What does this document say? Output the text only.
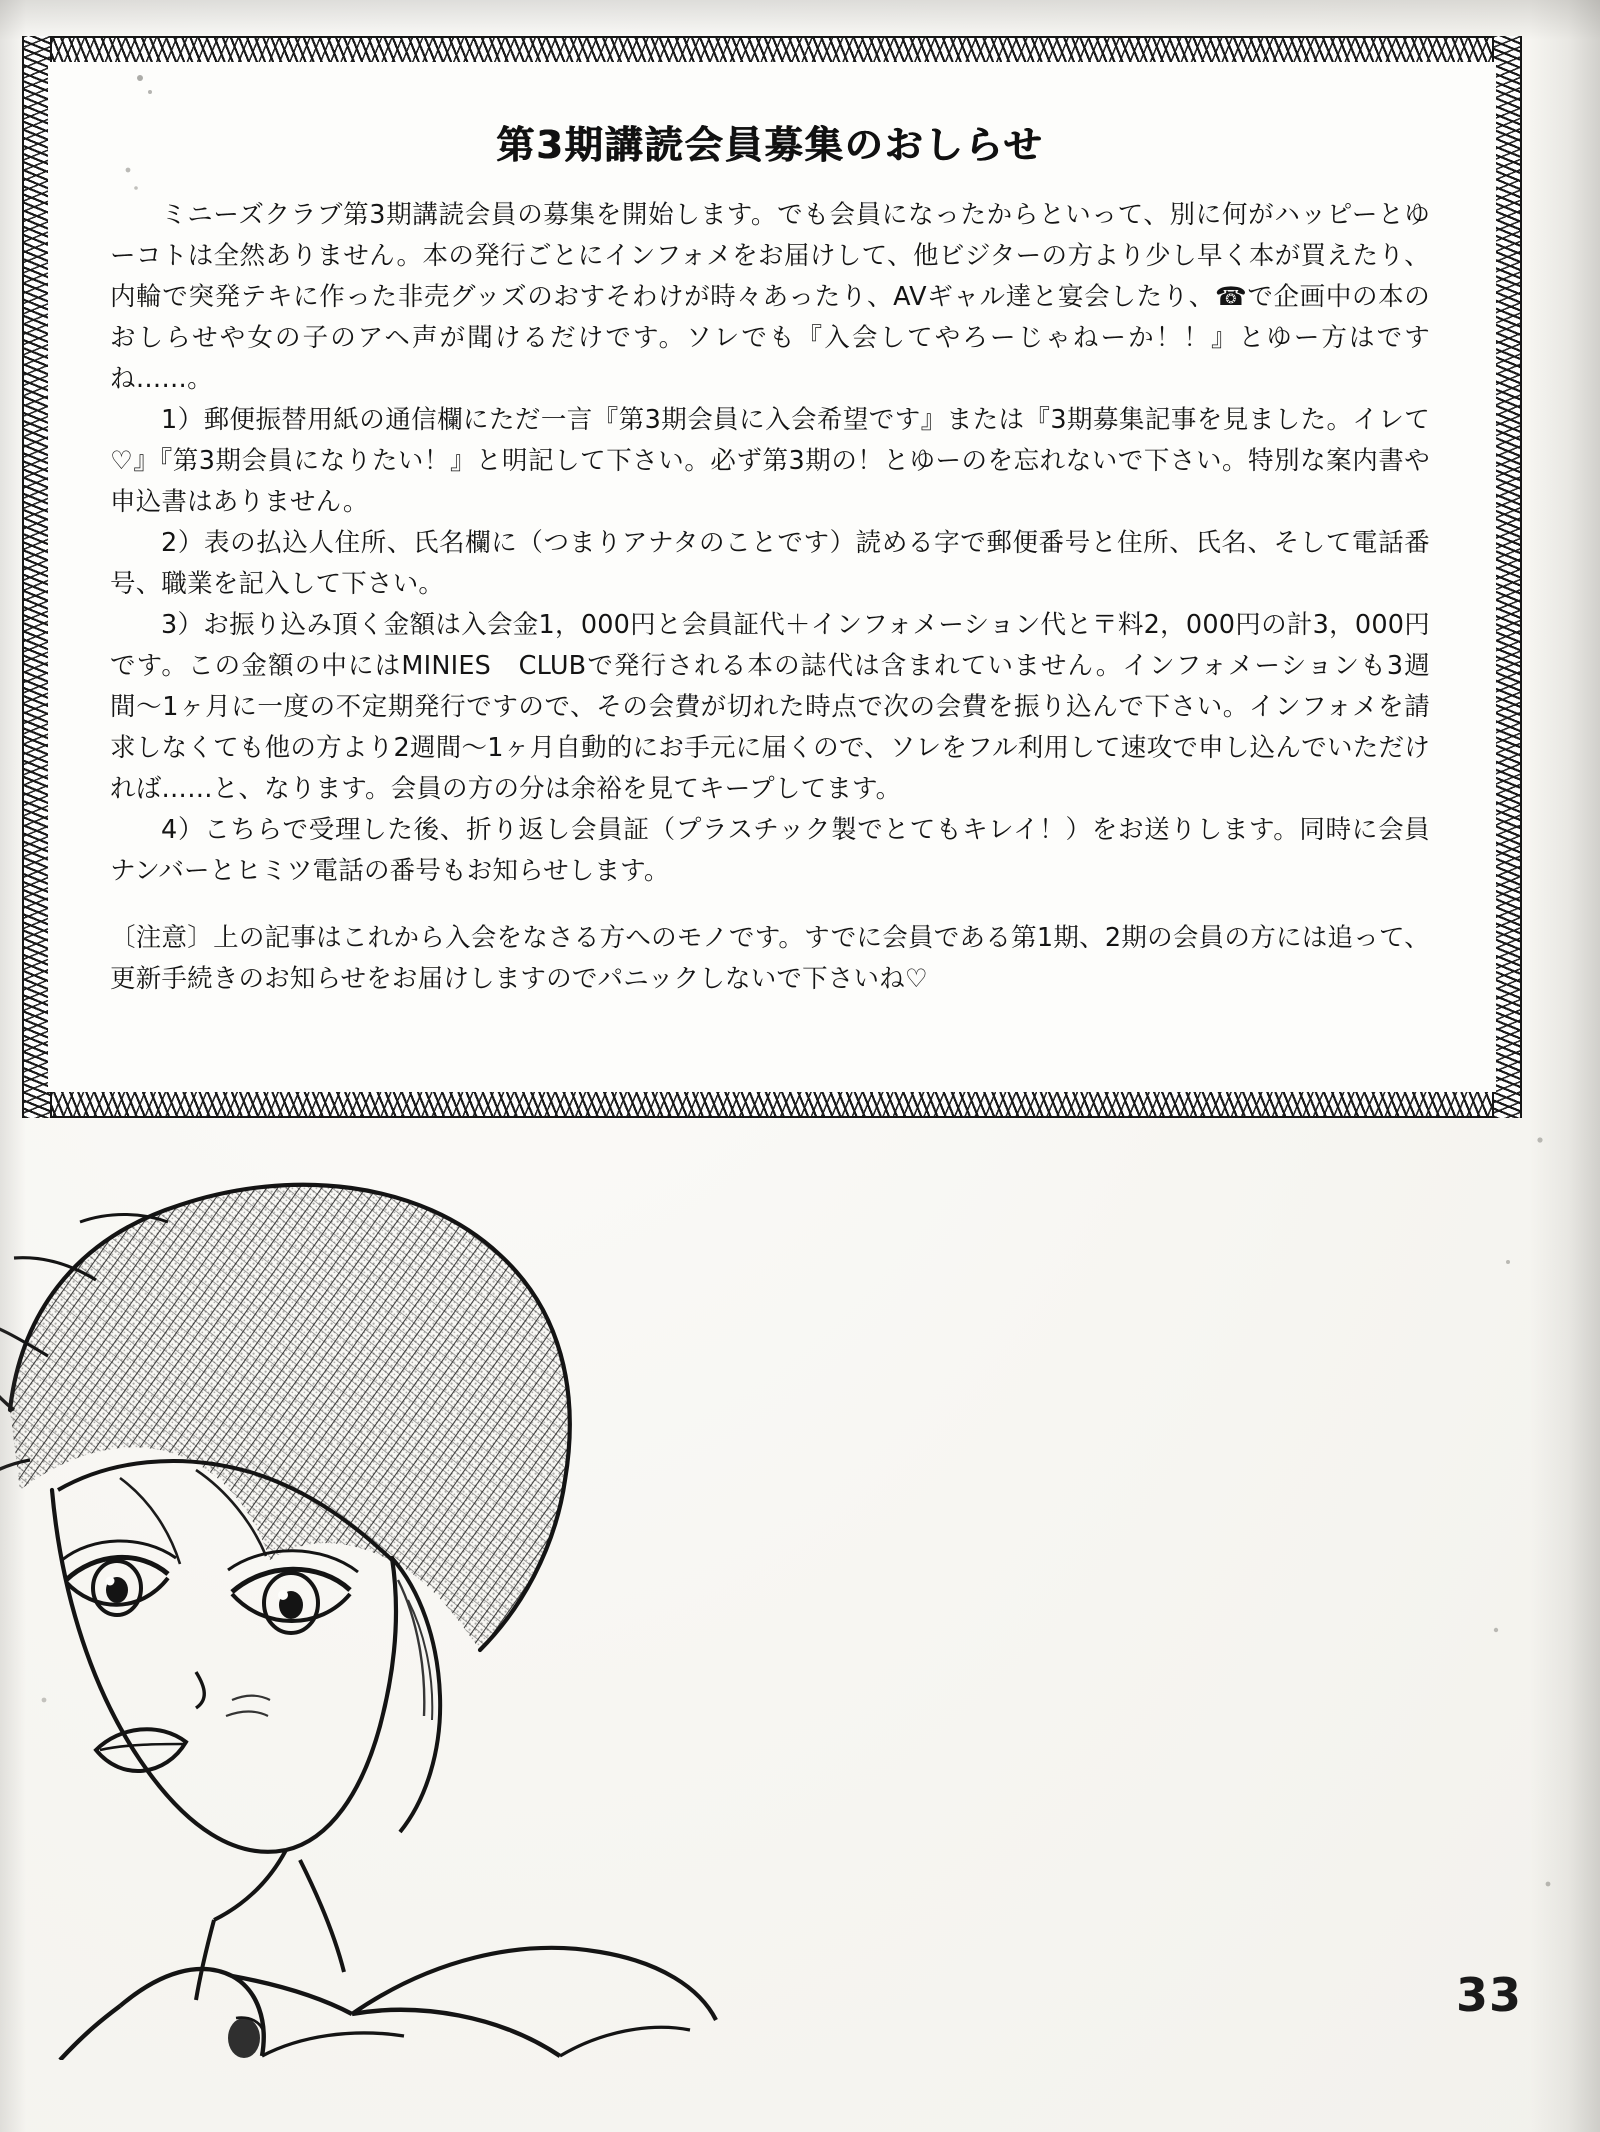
第3期講読会員募集のおしらせ

ミニーズクラブ第3期講読会員の募集を開始します。でも会員になったからといって、別に何がハッピーとゆーコトは全然ありません。本の発行ごとにインフォメをお届けして、他ビジターの方より少し早く本が買えたり、内輪で突発テキに作った非売グッズのおすそわけが時々あったり、AVギャル達と宴会したり、☎で企画中の本のおしらせや女の子のアヘ声が聞けるだけです。ソレでも『入会してやろーじゃねーか！！』とゆー方はですね……。

1）郵便振替用紙の通信欄にただ一言『第3期会員に入会希望です』または『3期募集記事を見ました。イレて♡』『第3期会員になりたい！』と明記して下さい。必ず第3期の！とゆーのを忘れないで下さい。特別な案内書や申込書はありません。

2）表の払込人住所、氏名欄に（つまりアナタのことです）読める字で郵便番号と住所、氏名、そして電話番号、職業を記入して下さい。

3）お振り込み頂く金額は入会金1，000円と会員証代＋インフォメーション代と〒料2，000円の計3，000円です。この金額の中にはMINIES　CLUBで発行される本の誌代は含まれていません。インフォメーションも3週間〜1ヶ月に一度の不定期発行ですので、その会費が切れた時点で次の会費を振り込んで下さい。インフォメを請求しなくても他の方より2週間〜1ヶ月自動的にお手元に届くので、ソレをフル利用して速攻で申し込んでいただければ……と、なります。会員の方の分は余裕を見てキープしてます。

4）こちらで受理した後、折り返し会員証（プラスチック製でとてもキレイ！）をお送りします。同時に会員ナンバーとヒミツ電話の番号もお知らせします。

〔注意〕上の記事はこれから入会をなさる方へのモノです。すでに会員である第1期、2期の会員の方には追って、更新手続きのお知らせをお届けしますのでパニックしないで下さいね♡

33
